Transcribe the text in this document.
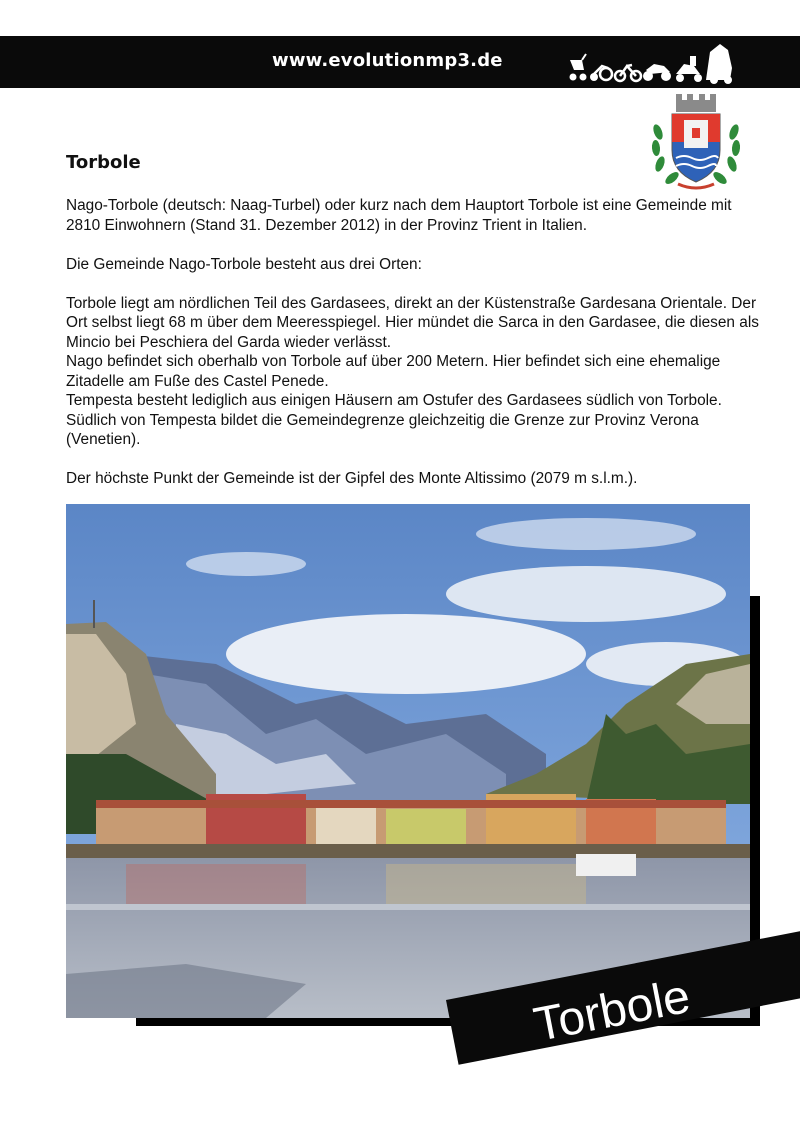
www.evolutionmp3.de
Torbole

Nago-Torbole (deutsch: Naag-Turbel) oder kurz nach dem Hauptort Torbole ist eine Gemeinde mit 2810 Einwohnern (Stand 31. Dezember 2012) in der Provinz Trient in Italien.

Die Gemeinde Nago-Torbole besteht aus drei Orten:

Torbole liegt am nördlichen Teil des Gardasees, direkt an der Küstenstraße Gardesana Orientale. Der Ort selbst liegt 68 m über dem Meeresspiegel. Hier mündet die Sarca in den Gardasee, die diesen als Mincio bei Peschiera del Garda wieder verlässt.

Nago befindet sich oberhalb von Torbole auf über 200 Metern. Hier befindet sich eine ehemalige Zitadelle am Fuße des Castel Penede.

Tempesta besteht lediglich aus einigen Häusern am Ostufer des Gardasees südlich von Torbole. Südlich von Tempesta bildet die Gemeindegrenze gleichzeitig die Grenze zur Provinz Verona (Venetien).

Der höchste Punkt der Gemeinde ist der Gipfel des Monte Altissimo (2079 m s.l.m.).

Torbole
